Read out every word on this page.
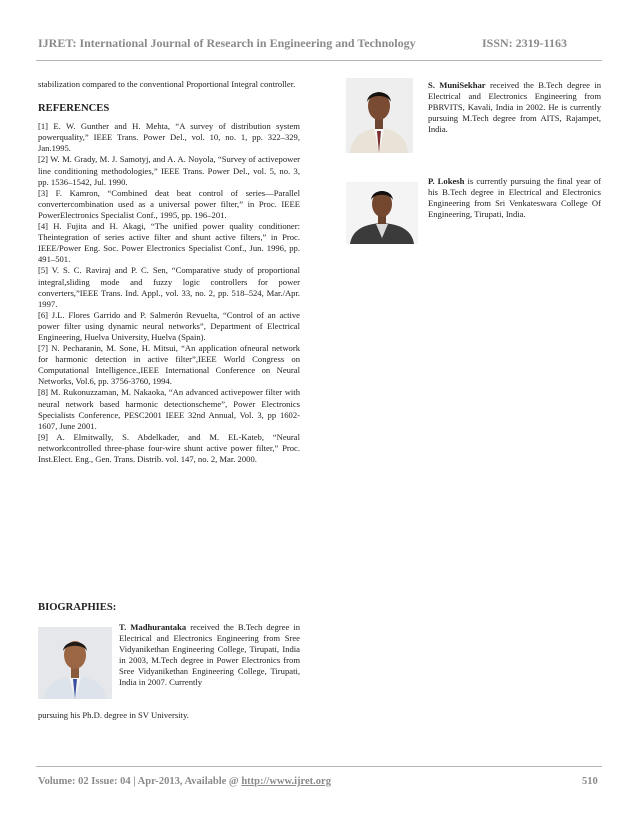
IJRET: International Journal of Research in Engineering and Technology	ISSN: 2319-1163

stabilization compared to the conventional Proportional Integral controller.

REFERENCES

[1] E. W. Gunther and H. Mehta, “A survey of distribution system powerquality,” IEEE Trans. Power Del., vol. 10, no. 1, pp. 322–329, Jan.1995.

[2] W. M. Grady, M. J. Samotyj, and A. A. Noyola, “Survey of activepower line conditioning methodologies,” IEEE Trans. Power Del., vol. 5, no. 3, pp. 1536–1542, Jul. 1990.

[3] F. Kamron, “Combined deat beat control of series—Parallel convertercombination used as a universal power filter,” in Proc. IEEE PowerElectronics Specialist Conf., 1995, pp. 196–201.

[4] H. Fujita and H. Akagi, “The unified power quality conditioner: Theintegration of series active filter and shunt active filters,” in Proc. IEEE/Power Eng. Soc. Power Electronics Specialist Conf., Jun. 1996, pp. 491–501.

[5] V. S. C. Raviraj and P. C. Sen, “Comparative study of proportional integral,sliding mode and fuzzy logic controllers for power converters,”IEEE Trans. Ind. Appl., vol. 33, no. 2, pp. 518–524, Mar./Apr. 1997.

[6] J.L. Flores Garrido and P. Salmerón Revuelta, “Control of an active power filter using dynamic neural networks”, Department of Electrical Engineering, Huelva University, Huelva (Spain).

[7] N. Pecharanin, M. Sone, H. Mitsui, “An application ofneural network for harmonic detection in active filter”,IEEE World Congress on Computational Intelligence.,IEEE International Conference on Neural Networks, Vol.6, pp. 3756-3760, 1994.

[8] M. Rukonuzzaman, M. Nakaoka, “An advanced activepower filter with neural network based harmonic detectionscheme”, Power Electronics Specialists Conference, PESC2001 IEEE 32nd Annual, Vol. 3, pp 1602-1607, June 2001.

[9] A. Elmitwally, S. Abdelkader, and M. EL-Kateb, “Neural networkcontrolled three-phase four-wire shunt active power filter,” Proc. Inst.Elect. Eng., Gen. Trans. Distrib. vol. 147, no. 2, Mar. 2000.

BIOGRAPHIES:

T. Madhurantaka received the B.Tech degree in Electrical and Electronics Engineering from Sree Vidyanikethan Engineering College, Tirupati, India in 2003, M.Tech degree in Power Electronics from Sree Vidyanikethan Engineering College, Tirupati, India in 2007. Currently

pursuing his Ph.D. degree in SV University.

S. MuniSekhar received the B.Tech degree in Electrical and Electronics Engineering from PBRVITS, Kavali, India in 2002. He is currently pursuing M.Tech degree from AITS, Rajampet, India.

P. Lokesh is currently pursuing the final year of his B.Tech degree in Electrical and Electronics Engineering from Sri Venkateswara College Of Engineering, Tirupati, India.

Volume: 02 Issue: 04 | Apr-2013, Available @ http://www.ijret.org	510
